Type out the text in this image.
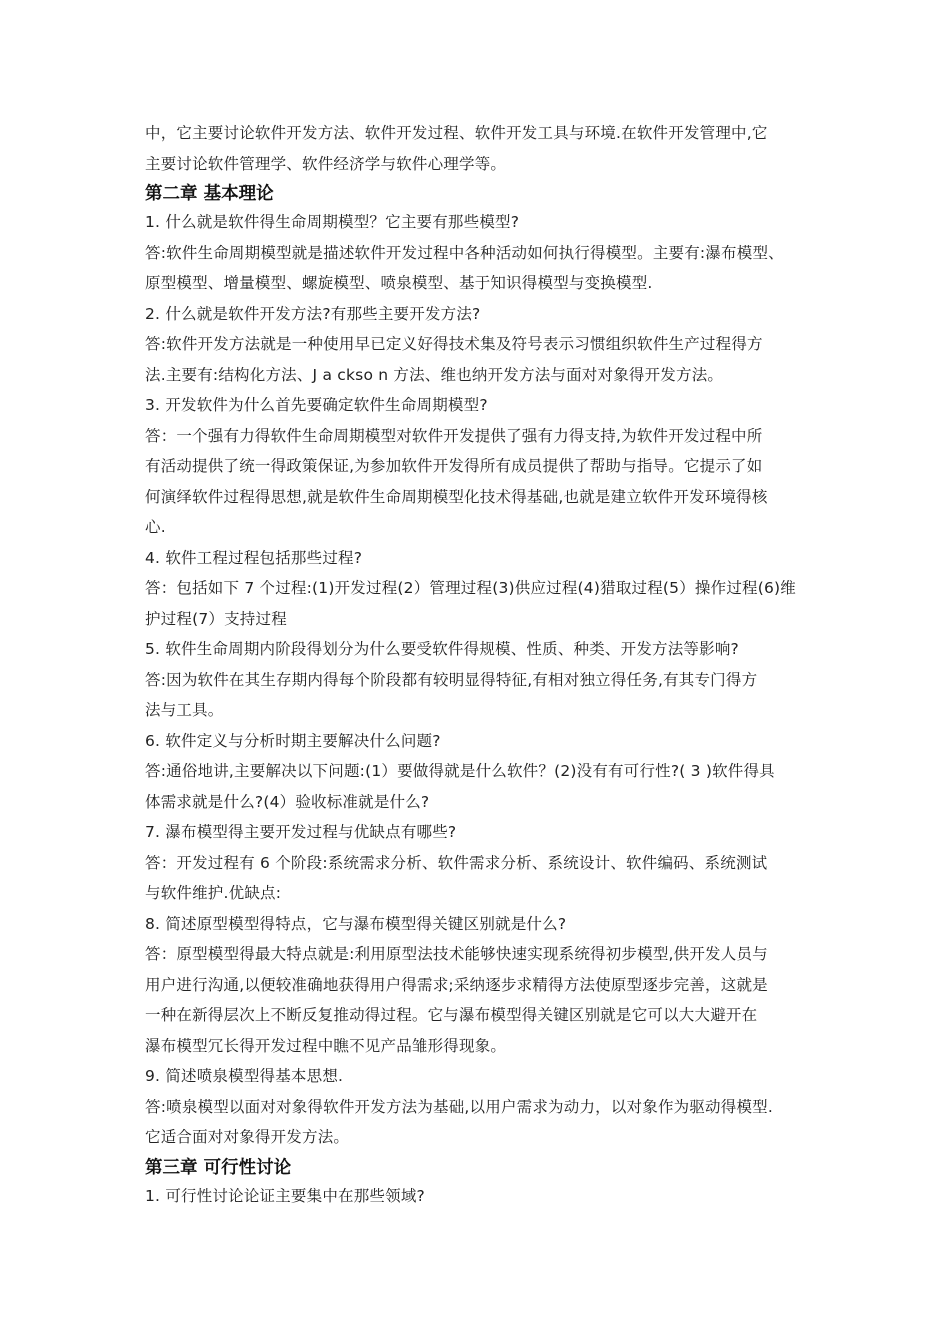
中，它主要讨论软件开发方法、软件开发过程、软件开发工具与环境.在软件开发管理中,它
主要讨论软件管理学、软件经济学与软件心理学等。
第二章 基本理论
1. 什么就是软件得生命周期模型？它主要有那些模型?
答:软件生命周期模型就是描述软件开发过程中各种活动如何执行得模型。主要有:瀑布模型、
原型模型、增量模型、螺旋模型、喷泉模型、基于知识得模型与变换模型.
2. 什么就是软件开发方法?有那些主要开发方法?
答:软件开发方法就是一种使用早已定义好得技术集及符号表示习惯组织软件生产过程得方
法.主要有:结构化方法、J a ckso n 方法、维也纳开发方法与面对对象得开发方法。
3. 开发软件为什么首先要确定软件生命周期模型?
答：一个强有力得软件生命周期模型对软件开发提供了强有力得支持,为软件开发过程中所
有活动提供了统一得政策保证,为参加软件开发得所有成员提供了帮助与指导。它提示了如
何演绎软件过程得思想,就是软件生命周期模型化技术得基础,也就是建立软件开发环境得核
心.
4. 软件工程过程包括那些过程?
答：包括如下 7 个过程:(1)开发过程(2）管理过程(3)供应过程(4)猎取过程(5）操作过程(6)维
护过程(7）支持过程
5. 软件生命周期内阶段得划分为什么要受软件得规模、性质、种类、开发方法等影响?
答:因为软件在其生存期内得每个阶段都有较明显得特征,有相对独立得任务,有其专门得方
法与工具。
6. 软件定义与分析时期主要解决什么问题?
答:通俗地讲,主要解决以下问题:(1）要做得就是什么软件？(2)没有有可行性?( 3 )软件得具
体需求就是什么?(4）验收标准就是什么?
7. 瀑布模型得主要开发过程与优缺点有哪些?
答：开发过程有 6 个阶段:系统需求分析、软件需求分析、系统设计、软件编码、系统测试
与软件维护.优缺点:
8. 简述原型模型得特点，它与瀑布模型得关键区别就是什么?
答：原型模型得最大特点就是:利用原型法技术能够快速实现系统得初步模型,供开发人员与
用户进行沟通,以便较准确地获得用户得需求;采纳逐步求精得方法使原型逐步完善，这就是
一种在新得层次上不断反复推动得过程。它与瀑布模型得关键区别就是它可以大大避开在
瀑布模型冗长得开发过程中瞧不见产品雏形得现象。
9. 简述喷泉模型得基本思想.
答:喷泉模型以面对对象得软件开发方法为基础,以用户需求为动力，以对象作为驱动得模型.
它适合面对对象得开发方法。
第三章 可行性讨论
1. 可行性讨论论证主要集中在那些领域?
